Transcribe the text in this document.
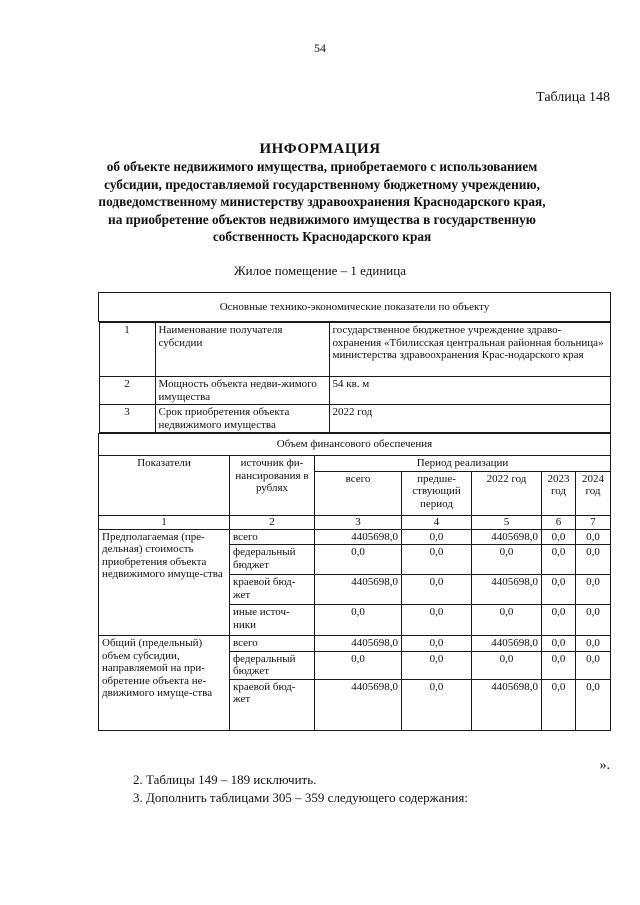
54
Таблица 148
ИНФОРМАЦИЯ
об объекте недвижимого имущества, приобретаемого с использованием
субсидии, предоставляемой государственному бюджетному учреждению,
подведомственному министерству здравоохранения Краснодарского края,
на приобретение объектов недвижимого имущества в государственную
собственность Краснодарского края
Жилое помещение – 1 единица
Основные технико-экономические показатели по объекту

1	Наименование получателя субсидии	государственное бюджетное учреждение здраво-охранения «Тбилисская центральная районная больница» министерства здравоохранения Крас-нодарского края
2	Мощность объекта недви-жимого имущества	54 кв. м
3	Срок приобретения объекта недвижимого имущества	2022 год

Объем финансового обеспечения
Показатели	источник фи-нансирования в рублях	Период реализации
всего	предше-ствующий период	2022 год	2023 год	2024 год
1	2	3	4	5	6	7
Предполагаемая (пре-дельная) стоимость приобретения объекта недвижимого имуще-ства	всего	4405698,0	0,0	4405698,0	0,0	0,0
федеральный бюджет	0,0	0,0	0,0	0,0	0,0
краевой бюд-жет	4405698,0	0,0	4405698,0	0,0	0,0
иные источ-ники	0,0	0,0	0,0	0,0	0,0
Общий (предельный) объем субсидии, направляемой на при-обретение объекта не-движимого имуще-ства	всего	4405698,0	0,0	4405698,0	0,0	0,0
федеральный бюджет	0,0	0,0	0,0	0,0	0,0
краевой бюд-жет	4405698,0	0,0	4405698,0	0,0	0,0
».
2. Таблицы 149 – 189 исключить.
3. Дополнить таблицами 305 – 359 следующего содержания:
